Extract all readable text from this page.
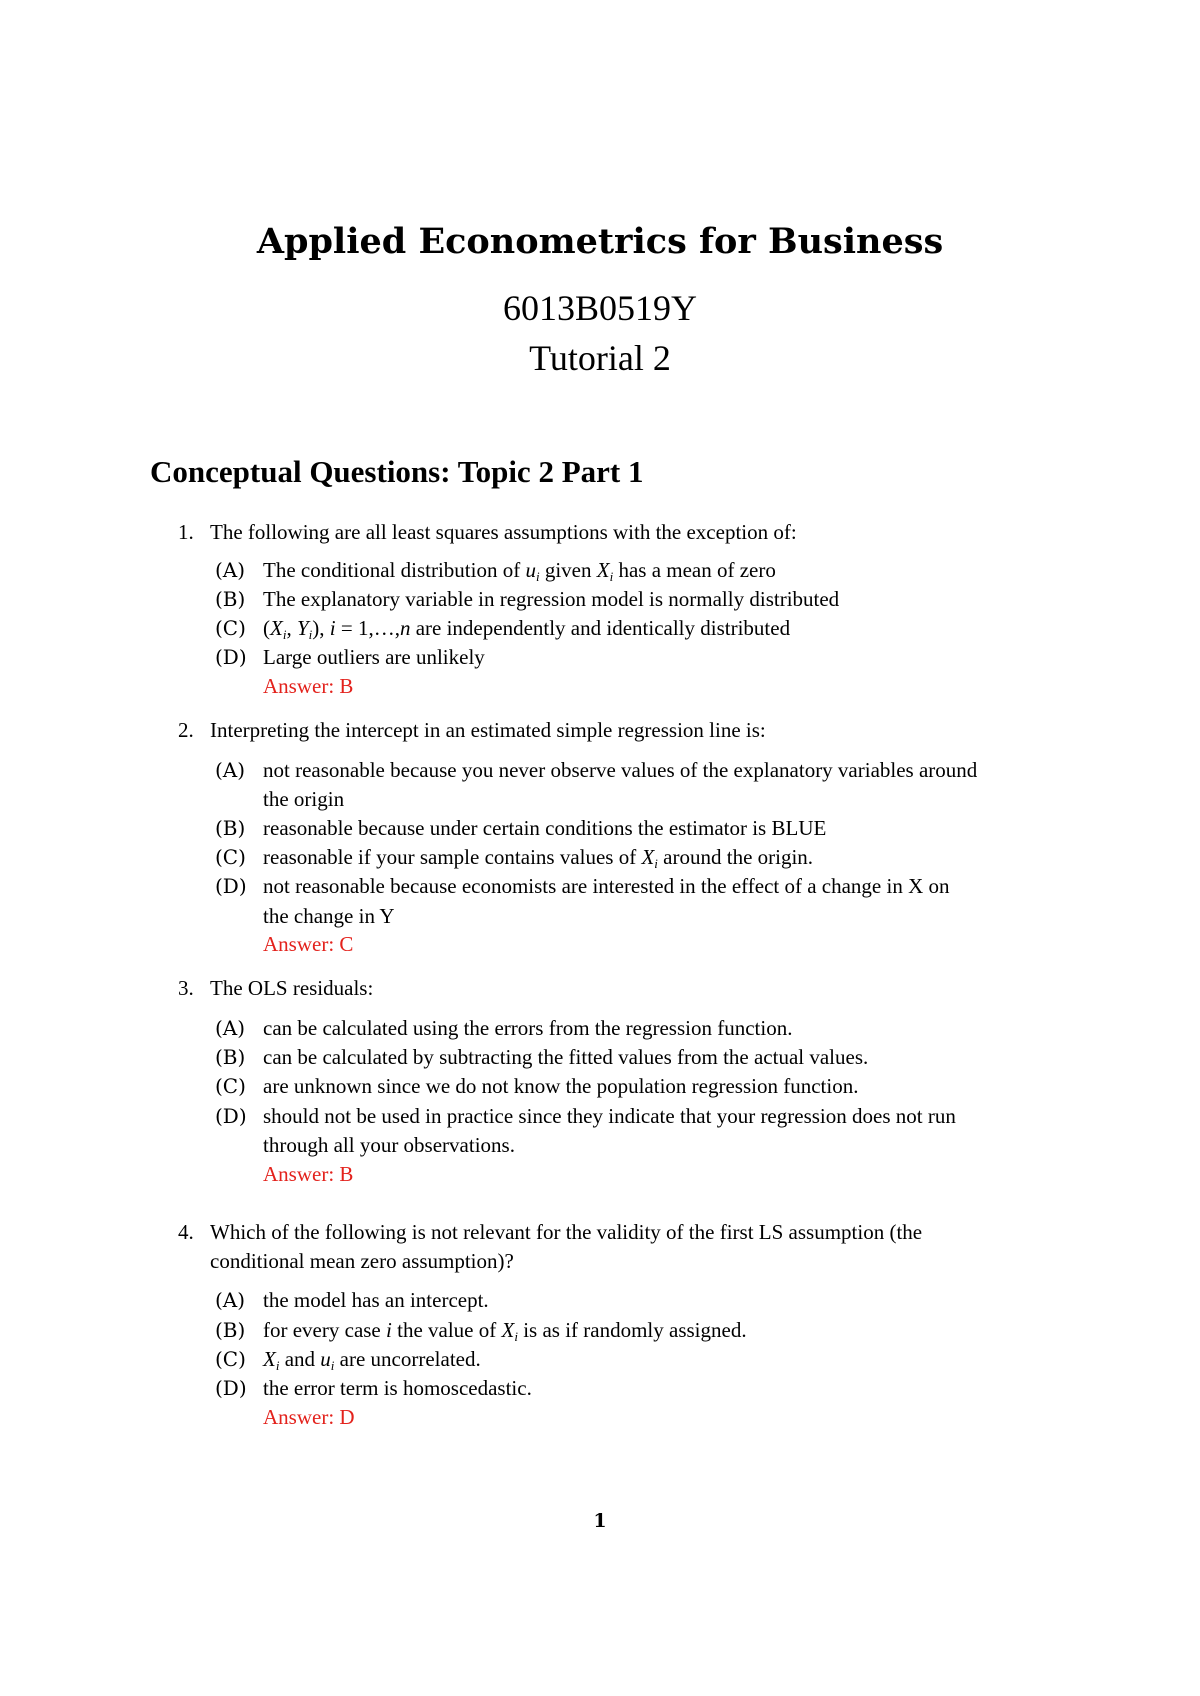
Applied Econometrics for Business
6013B0519Y
Tutorial 2
Conceptual Questions: Topic 2 Part 1
1. The following are all least squares assumptions with the exception of:
(A) The conditional distribution of $u_i$ given $X_i$ has a mean of zero
(B) The explanatory variable in regression model is normally distributed
(C) ($X_i$, $Y_i$), i = 1,…,n are independently and identically distributed
(D) Large outliers are unlikely
Answer: B
2. Interpreting the intercept in an estimated simple regression line is:
(A) not reasonable because you never observe values of the explanatory variables around
the origin
(B) reasonable because under certain conditions the estimator is BLUE
(C) reasonable if your sample contains values of $X_i$ around the origin.
(D) not reasonable because economists are interested in the effect of a change in X on
the change in Y
Answer: C
3. The OLS residuals:
(A) can be calculated using the errors from the regression function.
(B) can be calculated by subtracting the fitted values from the actual values.
(C) are unknown since we do not know the population regression function.
(D) should not be used in practice since they indicate that your regression does not run
through all your observations.
Answer: B
4. Which of the following is not relevant for the validity of the first LS assumption (the
conditional mean zero assumption)?
(A) the model has an intercept.
(B) for every case i the value of $X_i$ is as if randomly assigned.
(C) $X_i$ and $u_i$ are uncorrelated.
(D) the error term is homoscedastic.
Answer: D
1
